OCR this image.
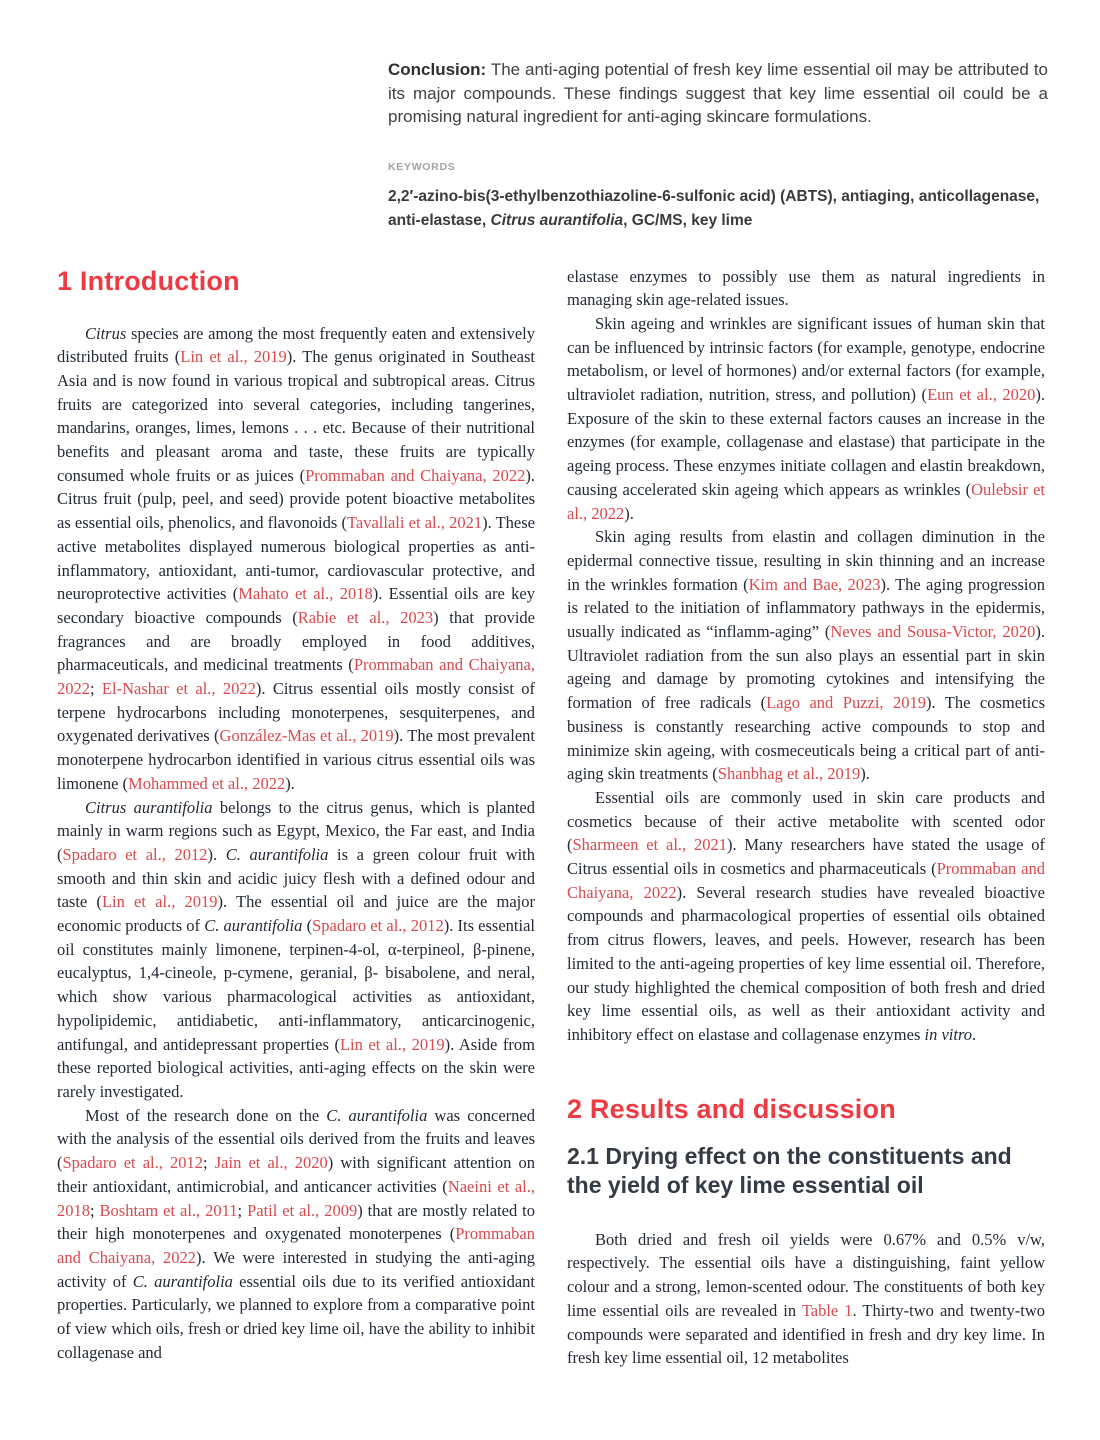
Conclusion: The anti-aging potential of fresh key lime essential oil may be attributed to its major compounds. These findings suggest that key lime essential oil could be a promising natural ingredient for anti-aging skincare formulations.

KEYWORDS

2,2′-azino-bis(3-ethylbenzothiazoline-6-sulfonic acid) (ABTS), antiaging, anticollagenase, anti-elastase, Citrus aurantifolia, GC/MS, key lime

1 Introduction

Citrus species are among the most frequently eaten and extensively distributed fruits (Lin et al., 2019). The genus originated in Southeast Asia and is now found in various tropical and subtropical areas. Citrus fruits are categorized into several categories, including tangerines, mandarins, oranges, limes, lemons . . . etc. Because of their nutritional benefits and pleasant aroma and taste, these fruits are typically consumed whole fruits or as juices (Prommaban and Chaiyana, 2022). Citrus fruit (pulp, peel, and seed) provide potent bioactive metabolites as essential oils, phenolics, and flavonoids (Tavallali et al., 2021). These active metabolites displayed numerous biological properties as anti-inflammatory, antioxidant, anti-tumor, cardiovascular protective, and neuroprotective activities (Mahato et al., 2018). Essential oils are key secondary bioactive compounds (Rabie et al., 2023) that provide fragrances and are broadly employed in food additives, pharmaceuticals, and medicinal treatments (Prommaban and Chaiyana, 2022; El-Nashar et al., 2022). Citrus essential oils mostly consist of terpene hydrocarbons including monoterpenes, sesquiterpenes, and oxygenated derivatives (González-Mas et al., 2019). The most prevalent monoterpene hydrocarbon identified in various citrus essential oils was limonene (Mohammed et al., 2022).

Citrus aurantifolia belongs to the citrus genus, which is planted mainly in warm regions such as Egypt, Mexico, the Far east, and India (Spadaro et al., 2012). C. aurantifolia is a green colour fruit with smooth and thin skin and acidic juicy flesh with a defined odour and taste (Lin et al., 2019). The essential oil and juice are the major economic products of C. aurantifolia (Spadaro et al., 2012). Its essential oil constitutes mainly limonene, terpinen-4-ol, α-terpineol, β-pinene, eucalyptus, 1,4-cineole, p-cymene, geranial, β- bisabolene, and neral, which show various pharmacological activities as antioxidant, hypolipidemic, antidiabetic, anti-inflammatory, anticarcinogenic, antifungal, and antidepressant properties (Lin et al., 2019). Aside from these reported biological activities, anti-aging effects on the skin were rarely investigated.

Most of the research done on the C. aurantifolia was concerned with the analysis of the essential oils derived from the fruits and leaves (Spadaro et al., 2012; Jain et al., 2020) with significant attention on their antioxidant, antimicrobial, and anticancer activities (Naeini et al., 2018; Boshtam et al., 2011; Patil et al., 2009) that are mostly related to their high monoterpenes and oxygenated monoterpenes (Prommaban and Chaiyana, 2022). We were interested in studying the anti-aging activity of C. aurantifolia essential oils due to its verified antioxidant properties. Particularly, we planned to explore from a comparative point of view which oils, fresh or dried key lime oil, have the ability to inhibit collagenase and

elastase enzymes to possibly use them as natural ingredients in managing skin age-related issues.

Skin ageing and wrinkles are significant issues of human skin that can be influenced by intrinsic factors (for example, genotype, endocrine metabolism, or level of hormones) and/or external factors (for example, ultraviolet radiation, nutrition, stress, and pollution) (Eun et al., 2020). Exposure of the skin to these external factors causes an increase in the enzymes (for example, collagenase and elastase) that participate in the ageing process. These enzymes initiate collagen and elastin breakdown, causing accelerated skin ageing which appears as wrinkles (Oulebsir et al., 2022).

Skin aging results from elastin and collagen diminution in the epidermal connective tissue, resulting in skin thinning and an increase in the wrinkles formation (Kim and Bae, 2023). The aging progression is related to the initiation of inflammatory pathways in the epidermis, usually indicated as “inflamm-aging” (Neves and Sousa-Victor, 2020). Ultraviolet radiation from the sun also plays an essential part in skin ageing and damage by promoting cytokines and intensifying the formation of free radicals (Lago and Puzzi, 2019). The cosmetics business is constantly researching active compounds to stop and minimize skin ageing, with cosmeceuticals being a critical part of anti-aging skin treatments (Shanbhag et al., 2019).

Essential oils are commonly used in skin care products and cosmetics because of their active metabolite with scented odor (Sharmeen et al., 2021). Many researchers have stated the usage of Citrus essential oils in cosmetics and pharmaceuticals (Prommaban and Chaiyana, 2022). Several research studies have revealed bioactive compounds and pharmacological properties of essential oils obtained from citrus flowers, leaves, and peels. However, research has been limited to the anti-ageing properties of key lime essential oil. Therefore, our study highlighted the chemical composition of both fresh and dried key lime essential oils, as well as their antioxidant activity and inhibitory effect on elastase and collagenase enzymes in vitro.

2 Results and discussion
2.1 Drying effect on the constituents and the yield of key lime essential oil

Both dried and fresh oil yields were 0.67% and 0.5% v/w, respectively. The essential oils have a distinguishing, faint yellow colour and a strong, lemon-scented odour. The constituents of both key lime essential oils are revealed in Table 1. Thirty-two and twenty-two compounds were separated and identified in fresh and dry key lime. In fresh key lime essential oil, 12 metabolites
